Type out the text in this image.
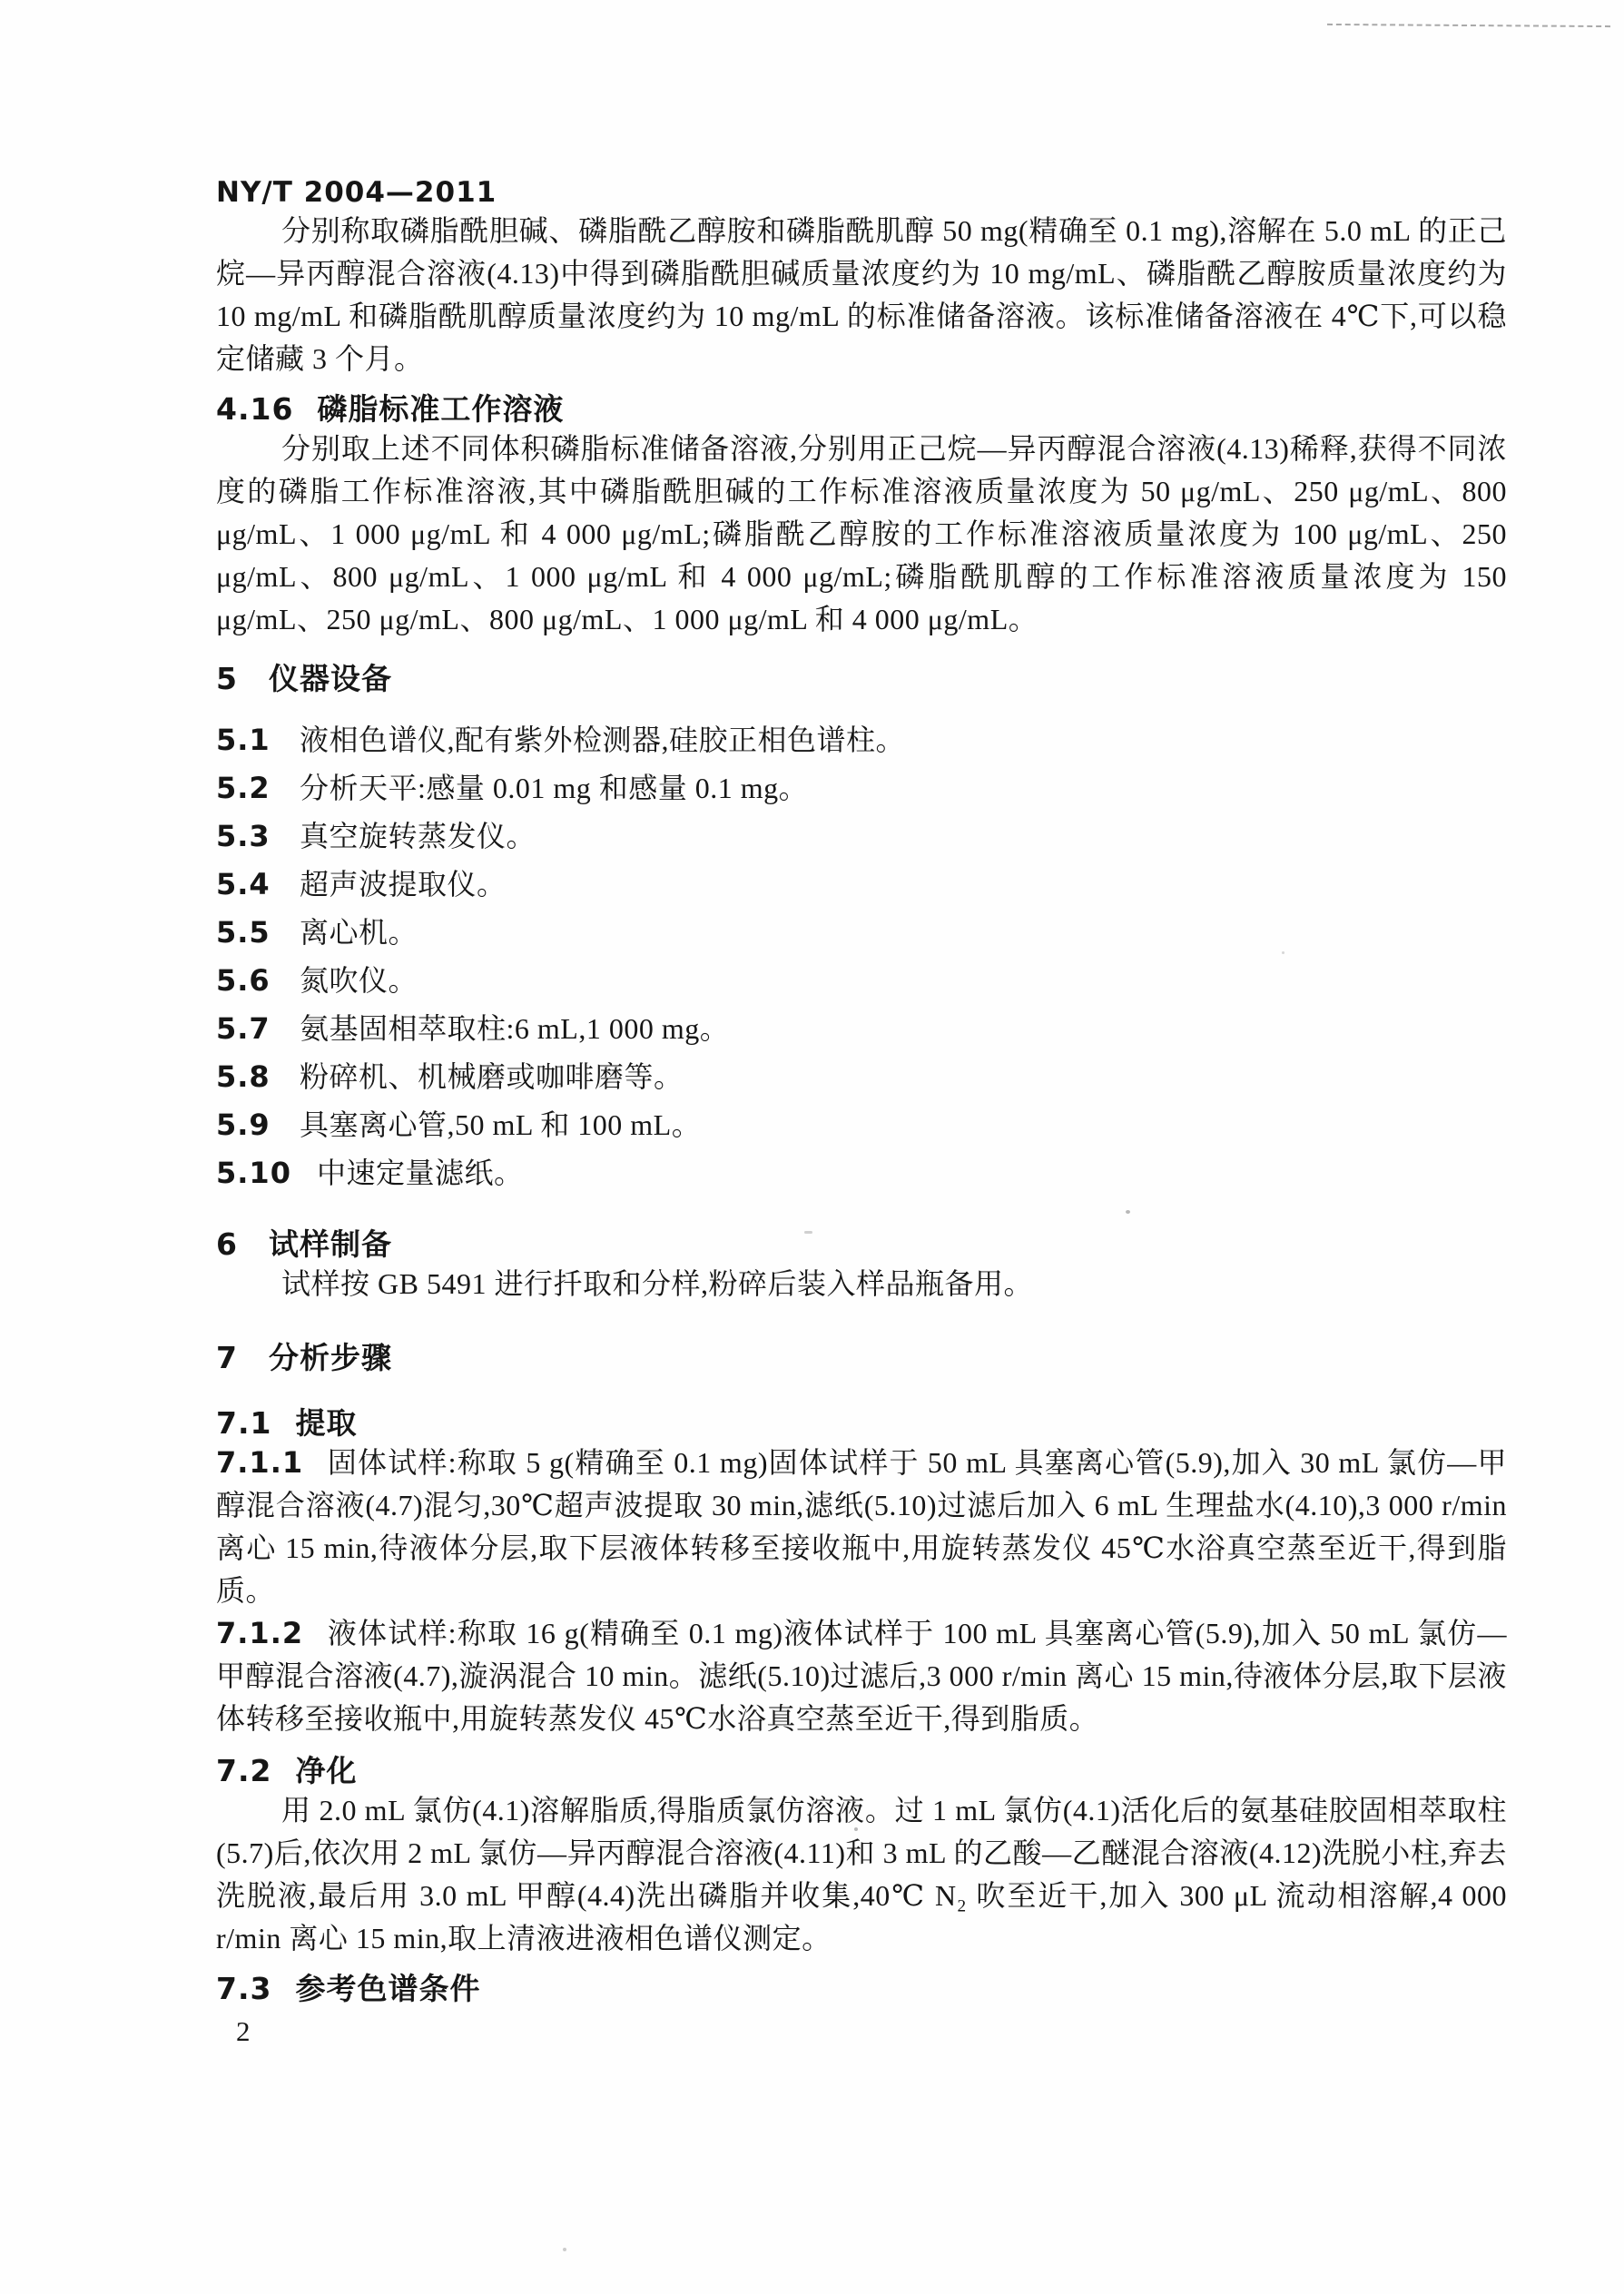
NY/T 2004—2011

分别称取磷脂酰胆碱、磷脂酰乙醇胺和磷脂酰肌醇 50 mg(精确至 0.1 mg),溶解在 5.0 mL 的正己烷—异丙醇混合溶液(4.13)中得到磷脂酰胆碱质量浓度约为 10 mg/mL、磷脂酰乙醇胺质量浓度约为 10 mg/mL 和磷脂酰肌醇质量浓度约为 10 mg/mL 的标准储备溶液。该标准储备溶液在 4℃下,可以稳定储藏 3 个月。

4.16 磷脂标准工作溶液

分别取上述不同体积磷脂标准储备溶液,分别用正己烷—异丙醇混合溶液(4.13)稀释,获得不同浓度的磷脂工作标准溶液,其中磷脂酰胆碱的工作标准溶液质量浓度为 50 μg/mL、250 μg/mL、800 μg/mL、1 000 μg/mL 和 4 000 μg/mL;磷脂酰乙醇胺的工作标准溶液质量浓度为 100 μg/mL、250 μg/mL、800 μg/mL、1 000 μg/mL 和 4 000 μg/mL;磷脂酰肌醇的工作标准溶液质量浓度为 150 μg/mL、250 μg/mL、800 μg/mL、1 000 μg/mL 和 4 000 μg/mL。

5 仪器设备

5.1 液相色谱仪,配有紫外检测器,硅胶正相色谱柱。

5.2 分析天平:感量 0.01 mg 和感量 0.1 mg。

5.3 真空旋转蒸发仪。

5.4 超声波提取仪。

5.5 离心机。

5.6 氮吹仪。

5.7 氨基固相萃取柱:6 mL,1 000 mg。

5.8 粉碎机、机械磨或咖啡磨等。

5.9 具塞离心管,50 mL 和 100 mL。

5.10 中速定量滤纸。

6 试样制备

试样按 GB 5491 进行扦取和分样,粉碎后装入样品瓶备用。

7 分析步骤
7.1 提取

7.1.1 固体试样:称取 5 g(精确至 0.1 mg)固体试样于 50 mL 具塞离心管(5.9),加入 30 mL 氯仿—甲醇混合溶液(4.7)混匀,30℃超声波提取 30 min,滤纸(5.10)过滤后加入 6 mL 生理盐水(4.10),3 000 r/min 离心 15 min,待液体分层,取下层液体转移至接收瓶中,用旋转蒸发仪 45℃水浴真空蒸至近干,得到脂质。

7.1.2 液体试样:称取 16 g(精确至 0.1 mg)液体试样于 100 mL 具塞离心管(5.9),加入 50 mL 氯仿—甲醇混合溶液(4.7),漩涡混合 10 min。滤纸(5.10)过滤后,3 000 r/min 离心 15 min,待液体分层,取下层液体转移至接收瓶中,用旋转蒸发仪 45℃水浴真空蒸至近干,得到脂质。

7.2 净化

用 2.0 mL 氯仿(4.1)溶解脂质,得脂质氯仿溶液。过 1 mL 氯仿(4.1)活化后的氨基硅胶固相萃取柱(5.7)后,依次用 2 mL 氯仿—异丙醇混合溶液(4.11)和 3 mL 的乙酸—乙醚混合溶液(4.12)洗脱小柱,弃去洗脱液,最后用 3.0 mL 甲醇(4.4)洗出磷脂并收集,40℃ N₂ 吹至近干,加入 300 μL 流动相溶解,4 000 r/min 离心 15 min,取上清液进液相色谱仪测定。

7.3 参考色谱条件
2
